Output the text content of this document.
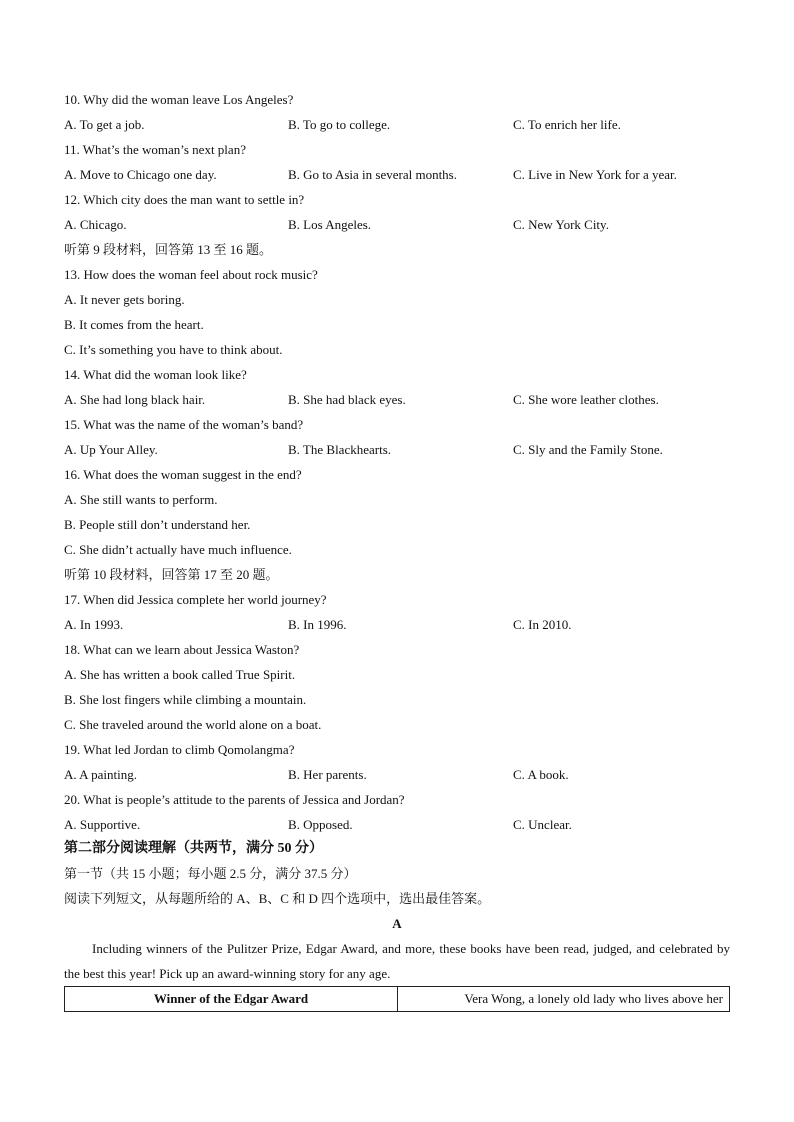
10. Why did the woman leave Los Angeles?
A. To get a job.	B. To go to college.	C. To enrich her life.
11. What’s the woman’s next plan?
A. Move to Chicago one day.	B. Go to Asia in several months.	C. Live in New York for a year.
12. Which city does the man want to settle in?
A. Chicago.	B. Los Angeles.	C. New York City.
听第 9 段材料，回答第 13 至 16 题。
13. How does the woman feel about rock music?
A. It never gets boring.
B. It comes from the heart.
C. It’s something you have to think about.
14. What did the woman look like?
A. She had long black hair.	B. She had black eyes.	C. She wore leather clothes.
15. What was the name of the woman’s band?
A. Up Your Alley.	B. The Blackhearts.	C. Sly and the Family Stone.
16. What does the woman suggest in the end?
A. She still wants to perform.
B. People still don’t understand her.
C. She didn’t actually have much influence.
听第 10 段材料，回答第 17 至 20 题。
17. When did Jessica complete her world journey?
A. In 1993.	B. In 1996.	C. In 2010.
18. What can we learn about Jessica Waston?
A. She has written a book called True Spirit.
B. She lost fingers while climbing a mountain.
C. She traveled around the world alone on a boat.
19. What led Jordan to climb Qomolangma?
A. A painting.	B. Her parents.	C. A book.
20. What is people’s attitude to the parents of Jessica and Jordan?
A. Supportive.	B. Opposed.	C. Unclear.
第二部分阅读理解（共两节，满分 50 分）
第一节（共 15 小题；每小题 2.5 分，满分 37.5 分）
阅读下列短文，从每题所给的 A、B、C 和 D 四个选项中，选出最佳答案。
A
Including winners of the Pulitzer Prize, Edgar Award, and more, these books have been read, judged, and celebrated by the best this year! Pick up an award-winning story for any age.
Winner of the Edgar Award	Vera Wong, a lonely old lady who lives above her
